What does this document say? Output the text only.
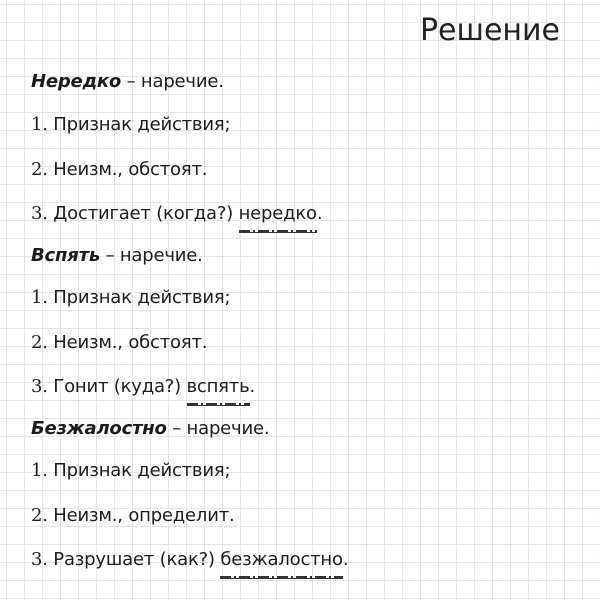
Решение
Нередко – наречие.
1. Признак действия;
2. Неизм., обстоят.
3. Достигает (когда?) нередко.
Вспять – наречие.
1. Признак действия;
2. Неизм., обстоят.
3. Гонит (куда?) вспять.
Безжалостно – наречие.
1. Признак действия;
2. Неизм., определит.
3. Разрушает (как?) безжалостно.
